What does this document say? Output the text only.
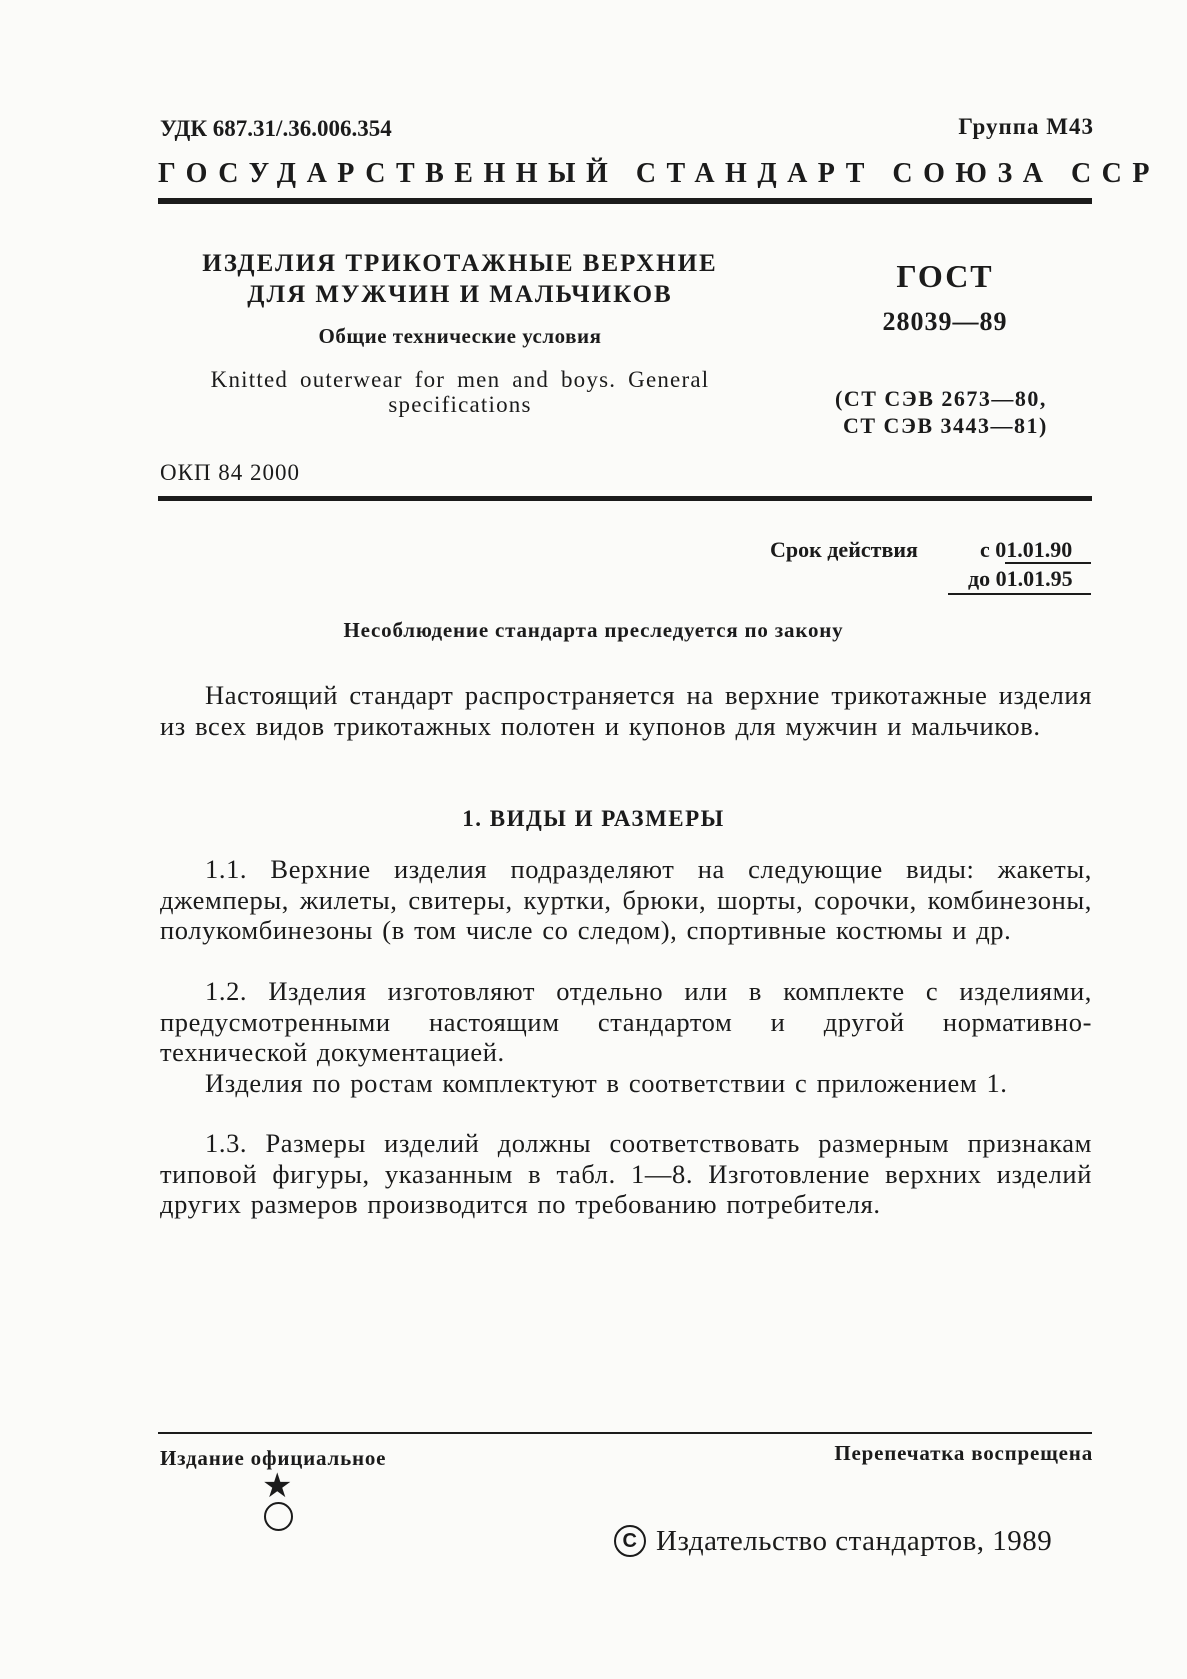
УДК 687.31/.36.006.354	Группа М43
ГОСУДАРСТВЕННЫЙ СТАНДАРТ СОЮЗА ССР
ИЗДЕЛИЯ ТРИКОТАЖНЫЕ ВЕРХНИЕ ДЛЯ МУЖЧИН И МАЛЬЧИКОВ
Общие технические условия
Knitted outerwear for men and boys. General specifications
ГОСТ
28039—89
(СТ СЭВ 2673—80,
СТ СЭВ 3443—81)
ОКП 84 2000
Срок действия	с 01.01.90
до 01.01.95
Несоблюдение стандарта преследуется по закону
Настоящий стандарт распространяется на верхние трикотажные изделия из всех видов трикотажных полотен и купонов для мужчин и мальчиков.
1. ВИДЫ И РАЗМЕРЫ
1.1. Верхние изделия подразделяют на следующие виды: жакеты, джемперы, жилеты, свитеры, куртки, брюки, шорты, сорочки, комбинезоны, полукомбинезоны (в том числе со следом), спортивные костюмы и др.
1.2. Изделия изготовляют отдельно или в комплекте с изделиями, предусмотренными настоящим стандартом и другой нормативно-технической документацией.
Изделия по ростам комплектуют в соответствии с приложением 1.
1.3. Размеры изделий должны соответствовать размерным признакам типовой фигуры, указанным в табл. 1—8. Изготовление верхних изделий других размеров производится по требованию потребителя.
Издание официальное	Перепечатка воспрещена
★
С Издательство стандартов, 1989
